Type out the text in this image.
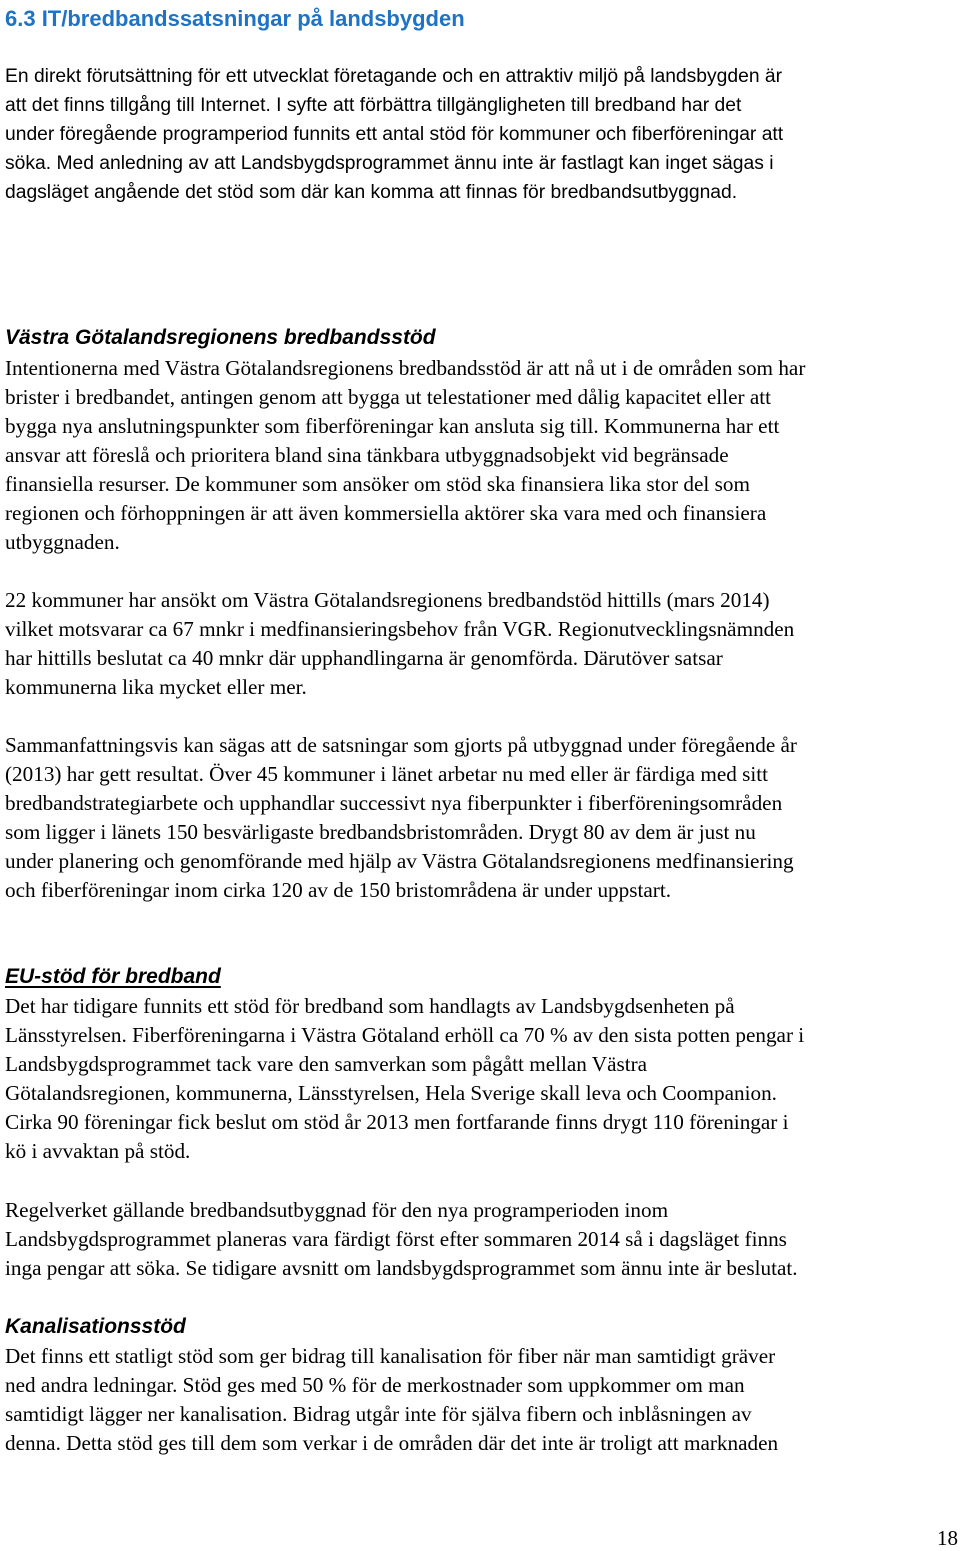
6.3 IT/bredbandssatsningar på landsbygden
En direkt förutsättning för ett utvecklat företagande och en attraktiv miljö på landsbygden är
att det finns tillgång till Internet. I syfte att förbättra tillgängligheten till bredband har det
under föregående programperiod funnits ett antal stöd för kommuner och fiberföreningar att
söka. Med anledning av att Landsbygdsprogrammet ännu inte är fastlagt kan inget sägas i
dagsläget angående det stöd som där kan komma att finnas för bredbandsutbyggnad.
Västra Götalandsregionens bredbandsstöd
Intentionerna med Västra Götalandsregionens bredbandsstöd är att nå ut i de områden som har
brister i bredbandet, antingen genom att bygga ut telestationer med dålig kapacitet eller att
bygga nya anslutningspunkter som fiberföreningar kan ansluta sig till. Kommunerna har ett
ansvar att föreslå och prioritera bland sina tänkbara utbyggnadsobjekt vid begränsade
finansiella resurser. De kommuner som ansöker om stöd ska finansiera lika stor del som
regionen och förhoppningen är att även kommersiella aktörer ska vara med och finansiera
utbyggnaden.
22 kommuner har ansökt om Västra Götalandsregionens bredbandstöd hittills (mars 2014)
vilket motsvarar ca 67 mnkr i medfinansieringsbehov från VGR. Regionutvecklingsnämnden
har hittills beslutat ca 40 mnkr där upphandlingarna är genomförda. Därutöver satsar
kommunerna lika mycket eller mer.
Sammanfattningsvis kan sägas att de satsningar som gjorts på utbyggnad under föregående år
(2013) har gett resultat. Över 45 kommuner i länet arbetar nu med eller är färdiga med sitt
bredbandstrategiarbete och upphandlar successivt nya fiberpunkter i fiberföreningsområden
som ligger i länets 150 besvärligaste bredbandsbristområden. Drygt 80 av dem är just nu
under planering och genomförande med hjälp av Västra Götalandsregionens medfinansiering
och fiberföreningar inom cirka 120 av de 150 bristområdena är under uppstart.
EU-stöd för bredband
Det har tidigare funnits ett stöd för bredband som handlagts av Landsbygdsenheten på
Länsstyrelsen. Fiberföreningarna i Västra Götaland erhöll ca 70 % av den sista potten pengar i
Landsbygdsprogrammet tack vare den samverkan som pågått mellan Västra
Götalandsregionen, kommunerna, Länsstyrelsen, Hela Sverige skall leva och Coompanion.
Cirka 90 föreningar fick beslut om stöd år 2013 men fortfarande finns drygt 110 föreningar i
kö i avvaktan på stöd.
Regelverket gällande bredbandsutbyggnad för den nya programperioden inom
Landsbygdsprogrammet planeras vara färdigt först efter sommaren 2014 så i dagsläget finns
inga pengar att söka. Se tidigare avsnitt om landsbygdsprogrammet som ännu inte är beslutat.
Kanalisationsstöd
Det finns ett statligt stöd som ger bidrag till kanalisation för fiber när man samtidigt gräver
ned andra ledningar. Stöd ges med 50 % för de merkostnader som uppkommer om man
samtidigt lägger ner kanalisation. Bidrag utgår inte för själva fibern och inblåsningen av
denna. Detta stöd ges till dem som verkar i de områden där det inte är troligt att marknaden
18
